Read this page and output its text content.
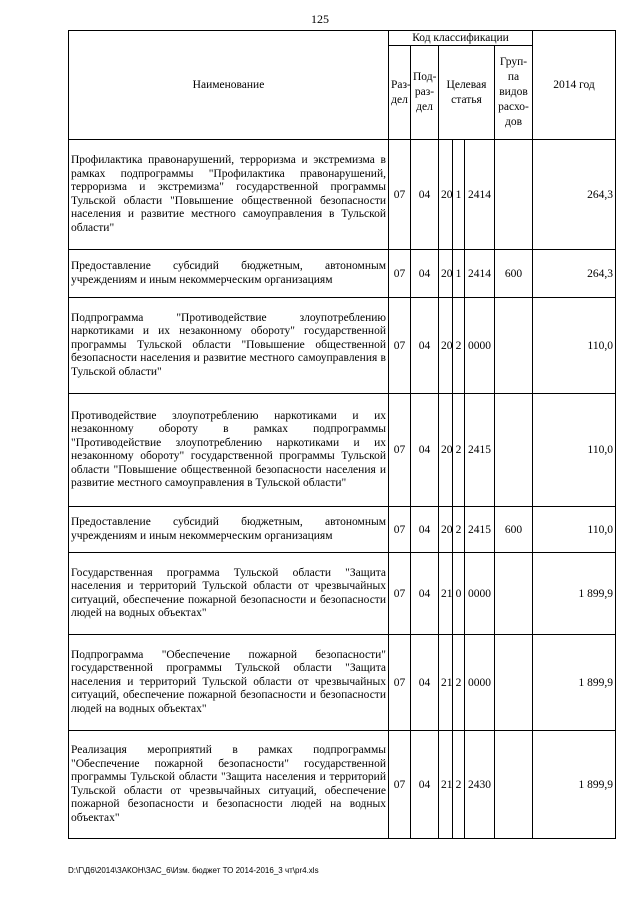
125
Наименование	Код классификации						2014 год
	Раз-дел	Под-раз-дел	Целевая статья			Груп-па видов расхо-дов	
Профилактика правонарушений, терроризма и экстремизма в рамках подпрограммы "Профилактика правонарушений, терроризма и экстремизма" государственной программы Тульской области "Повышение общественной безопасности населения и развитие местного самоуправления в Тульской области"	07	04	20	1	2414		264,3
Предоставление субсидий бюджетным, автономным учреждениям и иным некоммерческим организациям	07	04	20	1	2414	600	264,3
Подпрограмма "Противодействие злоупотреблению наркотиками и их незаконному обороту" государственной программы Тульской области "Повышение общественной безопасности населения и развитие местного самоуправления в Тульской области"	07	04	20	2	0000		110,0
Противодействие злоупотреблению наркотиками и их незаконному обороту в рамках подпрограммы "Противодействие злоупотреблению наркотиками и их незаконному обороту" государственной программы Тульской области "Повышение общественной безопасности населения и развитие местного самоуправления в Тульской области"	07	04	20	2	2415		110,0
Предоставление субсидий бюджетным, автономным учреждениям и иным некоммерческим организациям	07	04	20	2	2415	600	110,0
Государственная программа Тульской области "Защита населения и территорий Тульской области от чрезвычайных ситуаций, обеспечение пожарной безопасности и безопасности людей на водных объектах"	07	04	21	0	0000		1 899,9
Подпрограмма "Обеспечение пожарной безопасности" государственной программы Тульской области "Защита населения и территорий Тульской области от чрезвычайных ситуаций, обеспечение пожарной безопасности и безопасности людей на водных объектах"	07	04	21	2	0000		1 899,9
Реализация мероприятий в рамках подпрограммы "Обеспечение пожарной безопасности" государственной программы Тульской области "Защита населения и территорий Тульской области от чрезвычайных ситуаций, обеспечение пожарной безопасности и безопасности людей на водных объектах"	07	04	21	2	2430		1 899,9
D:\Г\Д6\2014\ЗАКОН\ЗАС_6\Изм. бюджет ТО 2014-2016_3 чт\pr4.xls
